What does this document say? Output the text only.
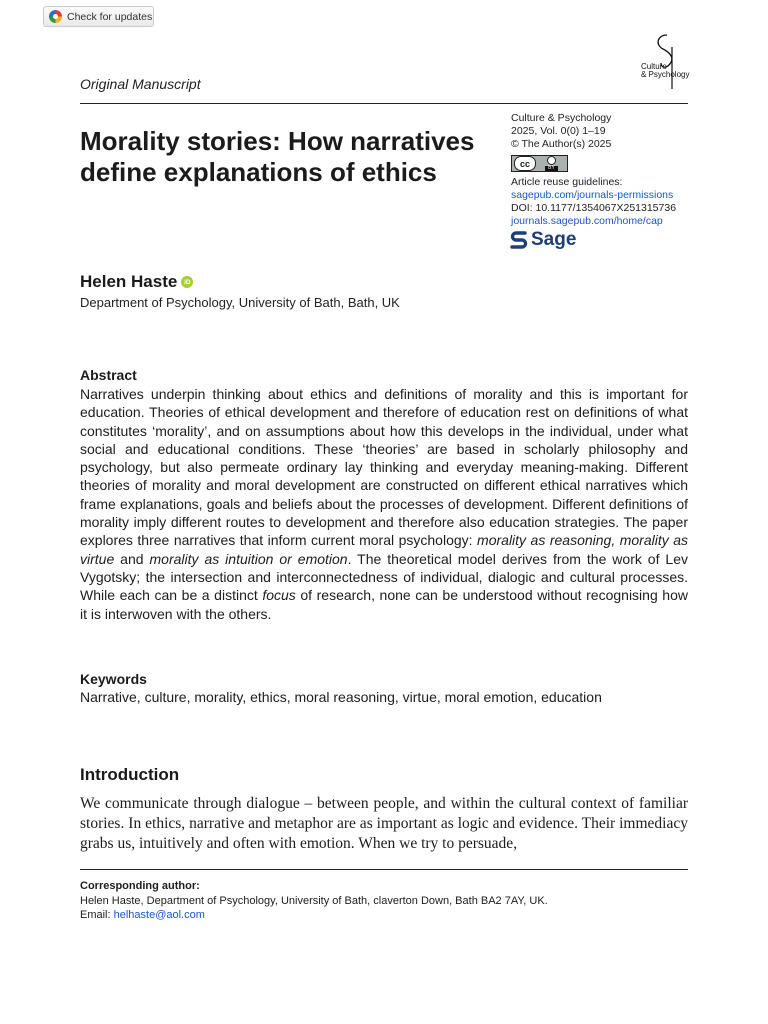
Check for updates
Culture
& Psychology
Original Manuscript
Morality stories: How narratives define explanations of ethics
Culture & Psychology
2025, Vol. 0(0) 1–19
© The Author(s) 2025
cc	BY
Article reuse guidelines:
sagepub.com/journals-permissions
DOI: 10.1177/1354067X251315736
journals.sagepub.com/home/cap
Sage
Helen Haste	iD
Department of Psychology, University of Bath, Bath, UK
Abstract

Narratives underpin thinking about ethics and definitions of morality and this is important for education. Theories of ethical development and therefore of education rest on definitions of what constitutes ‘morality’, and on assumptions about how this develops in the individual, under what social and educational conditions. These ‘theories’ are based in scholarly philosophy and psychology, but also permeate ordinary lay thinking and everyday meaning-making. Different theories of morality and moral development are constructed on different ethical narratives which frame explanations, goals and beliefs about the processes of development. Different definitions of morality imply different routes to development and therefore also education strategies. The paper explores three narratives that inform current moral psychology: morality as reasoning, morality as virtue and morality as intuition or emotion. The theoretical model derives from the work of Lev Vygotsky; the intersection and interconnectedness of individual, dialogic and cultural processes. While each can be a distinct focus of research, none can be understood without recognising how it is interwoven with the others.

Keywords
Narrative, culture, morality, ethics, moral reasoning, virtue, moral emotion, education
Introduction

We communicate through dialogue – between people, and within the cultural context of familiar stories. In ethics, narrative and metaphor are as important as logic and evidence. Their immediacy grabs us, intuitively and often with emotion. When we try to persuade,

Corresponding author:
Helen Haste, Department of Psychology, University of Bath, claverton Down, Bath BA2 7AY, UK.
Email: helhaste@aol.com
